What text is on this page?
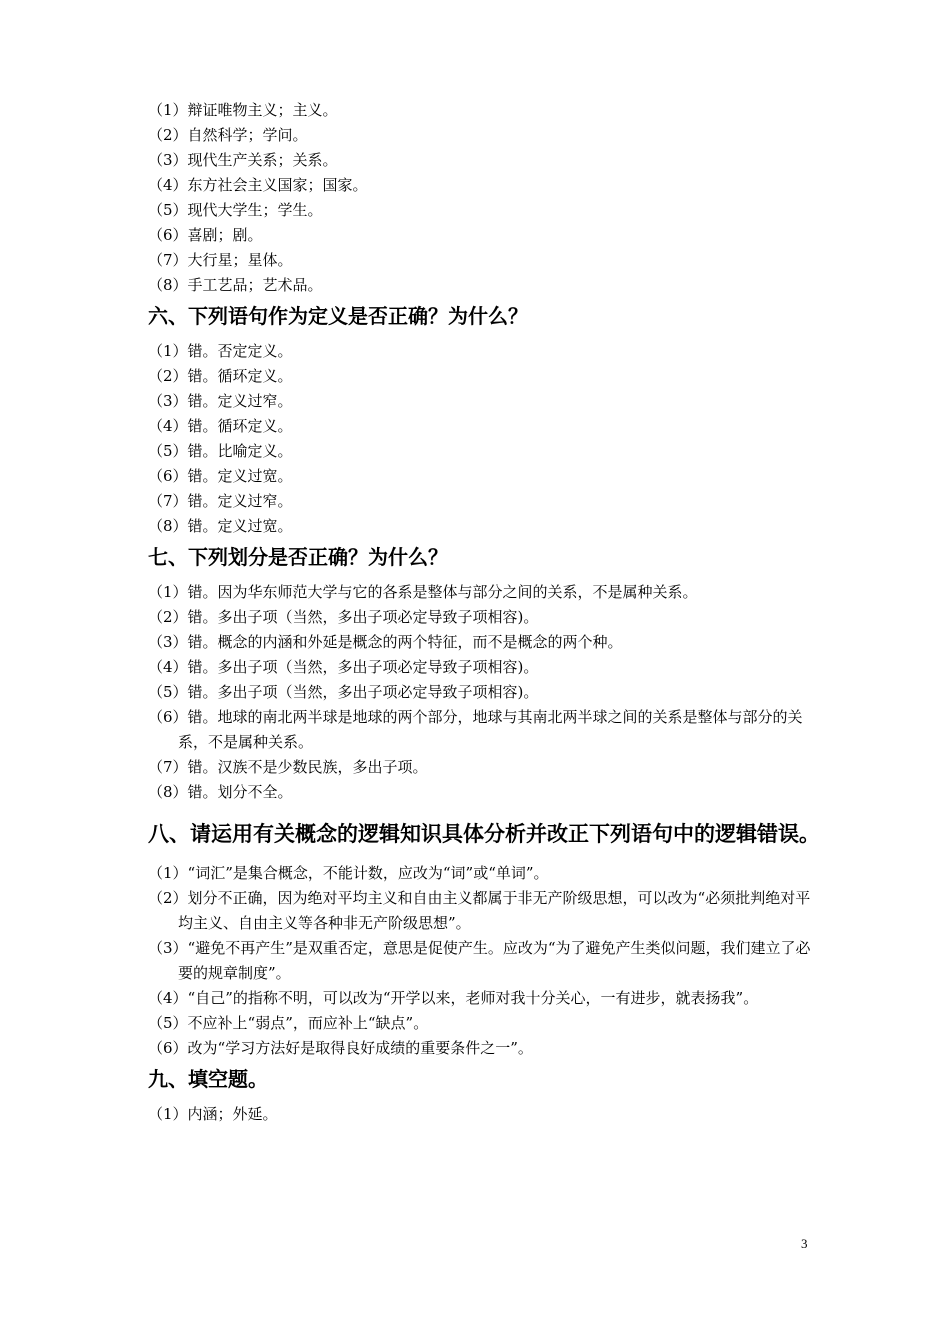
（1）辩证唯物主义；主义。
（2）自然科学；学问。
（3）现代生产关系；关系。
（4）东方社会主义国家；国家。
（5）现代大学生；学生。
（6）喜剧；剧。
（7）大行星；星体。
（8）手工艺品；艺术品。
六、下列语句作为定义是否正确？为什么？
（1）错。否定定义。
（2）错。循环定义。
（3）错。定义过窄。
（4）错。循环定义。
（5）错。比喻定义。
（6）错。定义过宽。
（7）错。定义过窄。
（8）错。定义过宽。
七、下列划分是否正确？为什么？
（1）错。因为华东师范大学与它的各系是整体与部分之间的关系，不是属种关系。
（2）错。多出子项（当然，多出子项必定导致子项相容)。
（3）错。概念的内涵和外延是概念的两个特征，而不是概念的两个种。
（4）错。多出子项（当然，多出子项必定导致子项相容)。
（5）错。多出子项（当然，多出子项必定导致子项相容)。
（6）错。地球的南北两半球是地球的两个部分，地球与其南北两半球之间的关系是整体与部分的关系，不是属种关系。
（7）错。汉族不是少数民族，多出子项。
（8）错。划分不全。
八、请运用有关概念的逻辑知识具体分析并改正下列语句中的逻辑错误。
（1）“词汇”是集合概念，不能计数，应改为“词”或“单词”。
（2）划分不正确，因为绝对平均主义和自由主义都属于非无产阶级思想，可以改为“必须批判绝对平均主义、自由主义等各种非无产阶级思想”。
（3）“避免不再产生”是双重否定，意思是促使产生。应改为“为了避免产生类似问题，我们建立了必要的规章制度”。
（4）“自己”的指称不明，可以改为“开学以来，老师对我十分关心，一有进步，就表扬我”。
（5）不应补上“弱点”，而应补上“缺点”。
（6）改为“学习方法好是取得良好成绩的重要条件之一”。
九、填空题。
（1）内涵；外延。
3
